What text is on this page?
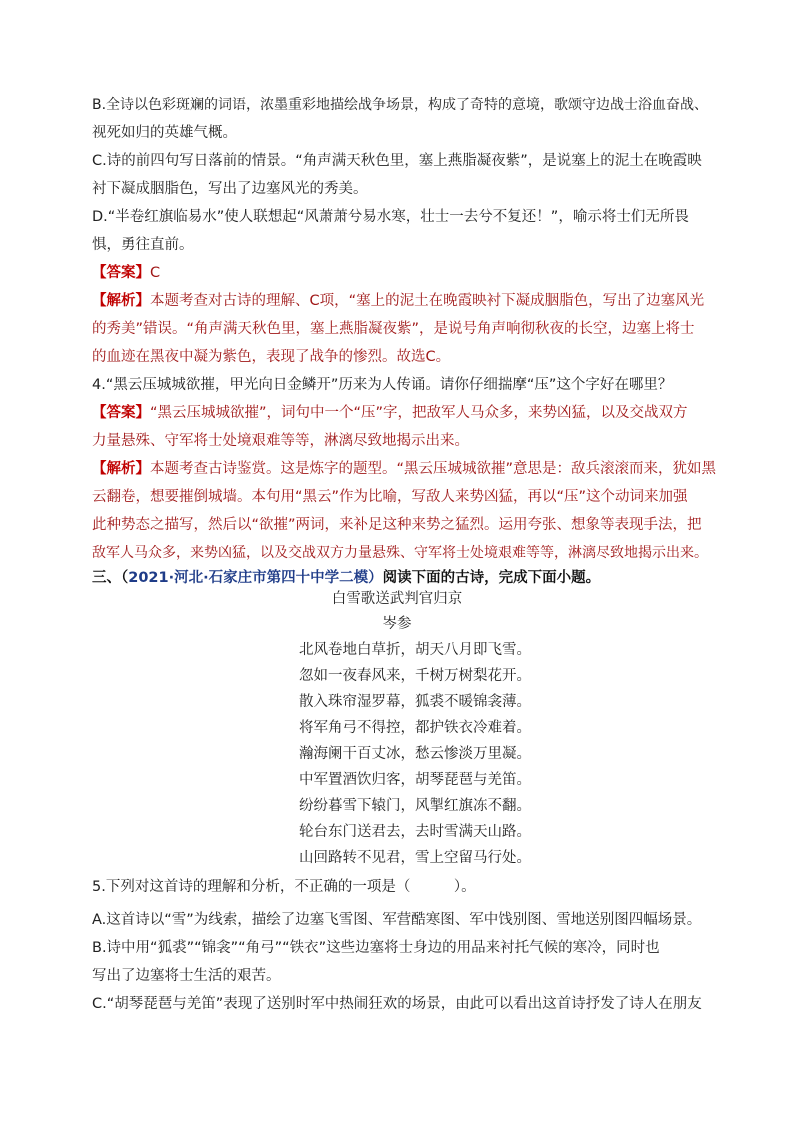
B.全诗以色彩斑斓的词语，浓墨重彩地描绘战争场景，构成了奇特的意境，歌颂守边战士浴血奋战、
视死如归的英雄气概。
C.诗的前四句写日落前的情景。“角声满天秋色里，塞上燕脂凝夜紫”，是说塞上的泥土在晚霞映
衬下凝成胭脂色，写出了边塞风光的秀美。
D.“半卷红旗临易水”使人联想起“风萧萧兮易水寒，壮士一去兮不复还！”，喻示将士们无所畏
惧，勇往直前。
【答案】C
【解析】本题考查对古诗的理解、C项，“塞上的泥土在晚霞映衬下凝成胭脂色，写出了边塞风光
的秀美”错误。“角声满天秋色里，塞上燕脂凝夜紫”，是说号角声响彻秋夜的长空，边塞上将士
的血迹在黑夜中凝为紫色，表现了战争的惨烈。故选C。
4.“黑云压城城欲摧，甲光向日金鳞开”历来为人传诵。请你仔细揣摩“压”这个字好在哪里？
【答案】“黑云压城城欲摧”，词句中一个“压”字，把敌军人马众多，来势凶猛，以及交战双方
力量悬殊、守军将士处境艰难等等，淋漓尽致地揭示出来。
【解析】本题考查古诗鉴赏。这是炼字的题型。“黑云压城城欲摧”意思是：敌兵滚滚而来，犹如黑
云翻卷，想要摧倒城墙。本句用“黑云”作为比喻，写敌人来势凶猛，再以“压”这个动词来加强
此种势态之描写，然后以“欲摧”两词，来补足这种来势之猛烈。运用夸张、想象等表现手法，把
敌军人马众多，来势凶猛，以及交战双方力量悬殊、守军将士处境艰难等等，淋漓尽致地揭示出来。
三、（2021·河北·石家庄市第四十中学二模）阅读下面的古诗，完成下面小题。
白雪歌送武判官归京
岑参
北风卷地白草折，胡天八月即飞雪。
忽如一夜春风来，千树万树梨花开。
散入珠帘湿罗幕，狐裘不暖锦衾薄。
将军角弓不得控，都护铁衣冷难着。
瀚海阑干百丈冰，愁云惨淡万里凝。
中军置酒饮归客，胡琴琵琶与羌笛。
纷纷暮雪下辕门，风掣红旗冻不翻。
轮台东门送君去，去时雪满天山路。
山回路转不见君，雪上空留马行处。
5.下列对这首诗的理解和分析，不正确的一项是（　　　）。
A.这首诗以“雪”为线索，描绘了边塞飞雪图、军营酷寒图、军中饯别图、雪地送别图四幅场景。
B.诗中用“狐裘”“锦衾”“角弓”“铁衣”这些边塞将士身边的用品来衬托气候的寒冷，同时也
写出了边塞将士生活的艰苦。
C.“胡琴琵琶与羌笛”表现了送别时军中热闹狂欢的场景，由此可以看出这首诗抒发了诗人在朋友
